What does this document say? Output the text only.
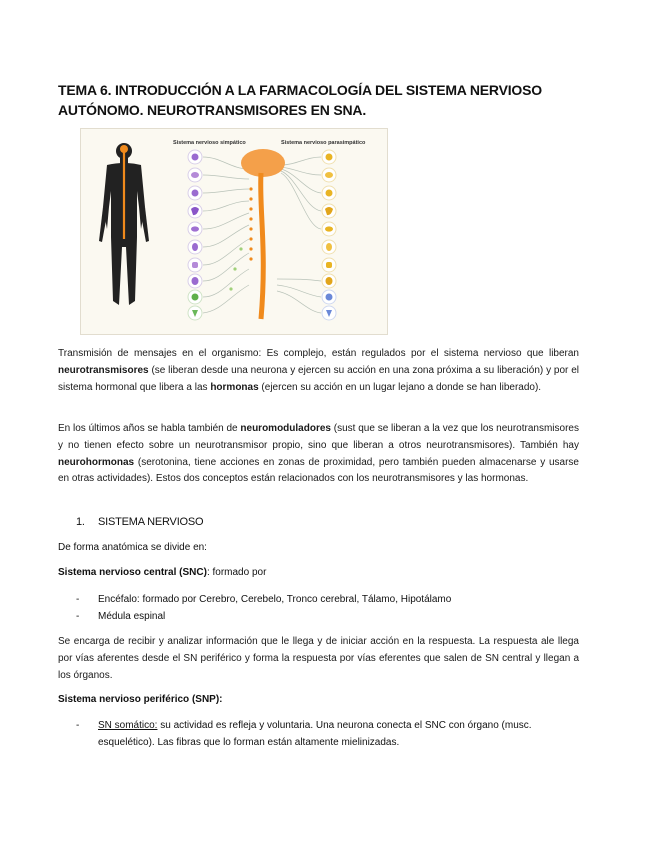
TEMA 6. INTRODUCCIÓN A LA FARMACOLOGÍA DEL SISTEMA NERVIOSO AUTÓNOMO. NEUROTRANSMISORES EN SNA.
Sistema nervioso simpático	Sistema nervioso parasimpático
Transmisión de mensajes en el organismo: Es complejo, están regulados por el sistema nervioso que liberan neurotransmisores (se liberan desde una neurona y ejercen su acción en una zona próxima a su liberación) y por el sistema hormonal que libera a las hormonas (ejercen su acción en un lugar lejano a donde se han liberado).
En los últimos años se habla también de neuromoduladores (sust que se liberan a la vez que los neurotransmisores y no tienen efecto sobre un neurotransmisor propio, sino que liberan a otros neurotransmisores). También hay neurohormonas (serotonina, tiene acciones en zonas de proximidad, pero también pueden almacenarse y usarse en otras actividades). Estos dos conceptos están relacionados con los neurotransmisores y las hormonas.
1. SISTEMA NERVIOSO
De forma anatómica se divide en:
Sistema nervioso central (SNC): formado por
- Encéfalo: formado por Cerebro, Cerebelo, Tronco cerebral, Tálamo, Hipotálamo
- Médula espinal
Se encarga de recibir y analizar información que le llega y de iniciar acción en la respuesta. La respuesta ale llega por vías aferentes desde el SN periférico y forma la respuesta por vías eferentes que salen de SN central y llegan a los órganos.
Sistema nervioso periférico (SNP):
- SN somático: su actividad es refleja y voluntaria. Una neurona conecta el SNC con órgano (musc. esquelético). Las fibras que lo forman están altamente mielinizadas.
